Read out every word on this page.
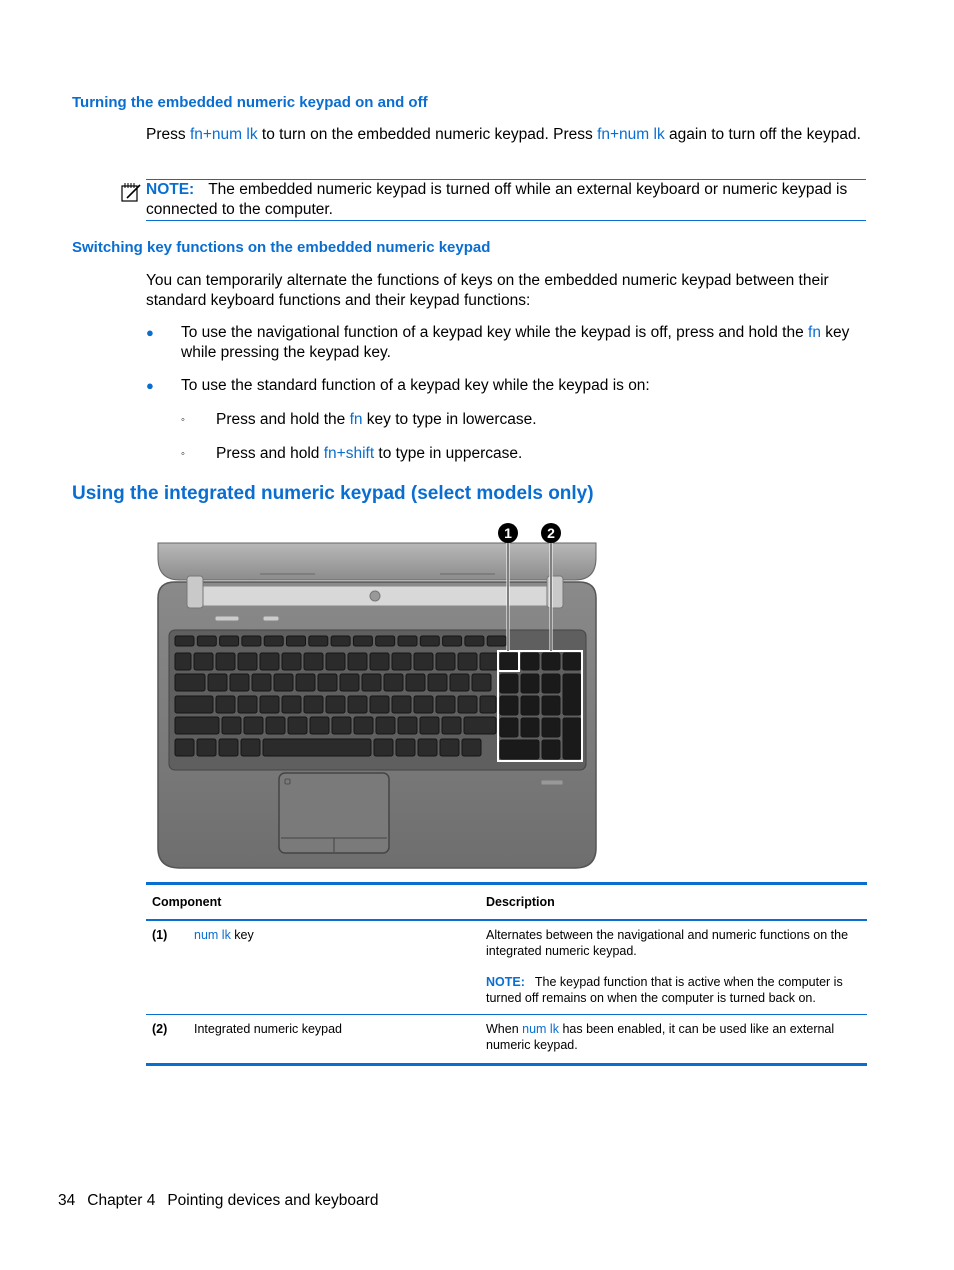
Turning the embedded numeric keypad on and off

Press fn+num lk to turn on the embedded numeric keypad. Press fn+num lk again to turn off the keypad.

NOTE: The embedded numeric keypad is turned off while an external keyboard or numeric keypad is connected to the computer.
Switching key functions on the embedded numeric keypad

You can temporarily alternate the functions of keys on the embedded numeric keypad between their standard keyboard functions and their keypad functions:

● To use the navigational function of a keypad key while the keypad is off, press and hold the fn key while pressing the keypad key.
● To use the standard function of a keypad key while the keypad is on:
◦ Press and hold the fn key to type in lowercase.
◦ Press and hold fn+shift to type in uppercase.
Using the integrated numeric keypad (select models only)
1	2
Component		Description
(1)	num lk key	Alternates between the navigational and numeric functions on the integrated numeric keypad.
NOTE: The keypad function that is active when the computer is turned off remains on when the computer is turned back on.

(2)	Integrated numeric keypad	When num lk has been enabled, it can be used like an external numeric keypad.
34 Chapter 4 Pointing devices and keyboard
